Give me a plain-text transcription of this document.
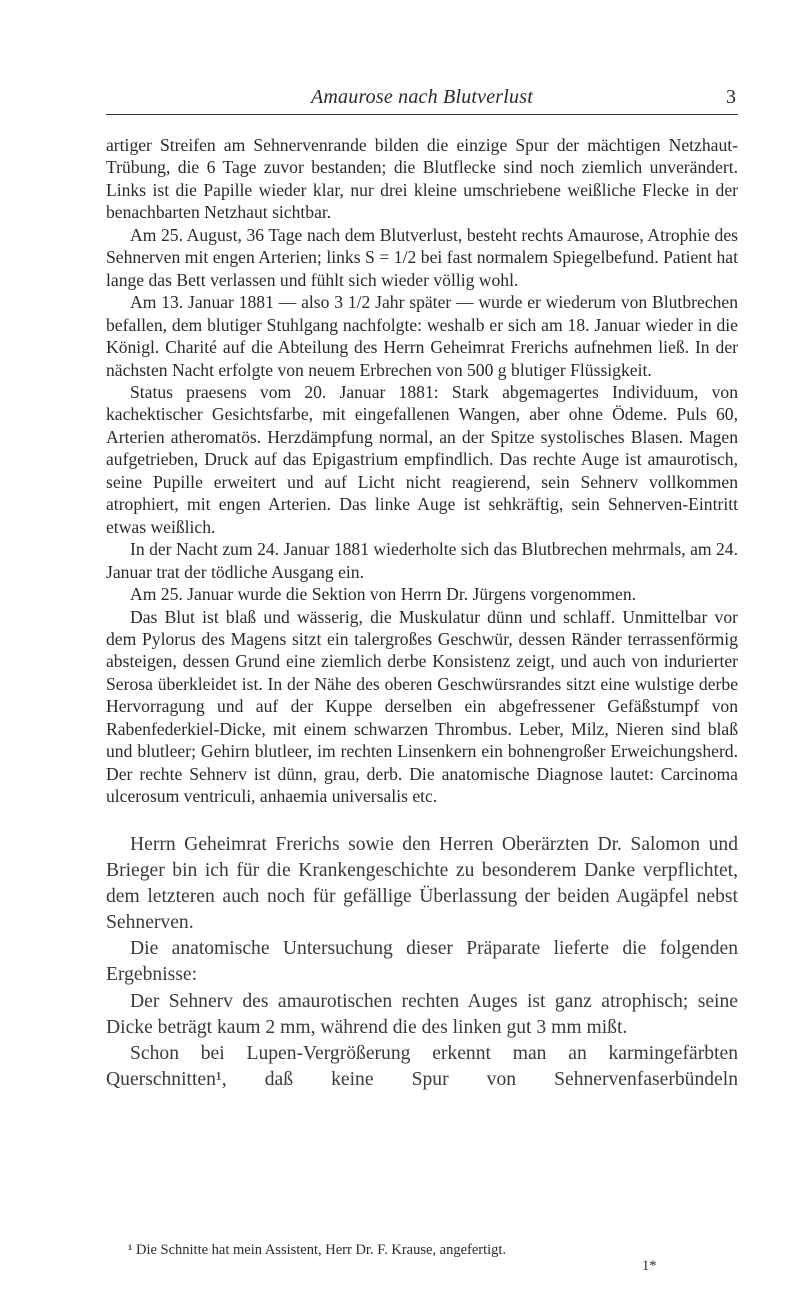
Amaurose nach Blutverlust	3

artiger Streifen am Sehnervenrande bilden die einzige Spur der mächtigen Netzhaut-Trübung, die 6 Tage zuvor bestanden; die Blutflecke sind noch ziemlich unverändert. Links ist die Papille wieder klar, nur drei kleine umschriebene weißliche Flecke in der benachbarten Netzhaut sichtbar.

Am 25. August, 36 Tage nach dem Blutverlust, besteht rechts Amaurose, Atrophie des Sehnerven mit engen Arterien; links S = 1/2 bei fast normalem Spiegelbefund. Patient hat lange das Bett verlassen und fühlt sich wieder völlig wohl.

Am 13. Januar 1881 — also 3 1/2 Jahr später — wurde er wiederum von Blutbrechen befallen, dem blutiger Stuhlgang nachfolgte: weshalb er sich am 18. Januar wieder in die Königl. Charité auf die Abteilung des Herrn Geheimrat Frerichs aufnehmen ließ. In der nächsten Nacht erfolgte von neuem Erbrechen von 500 g blutiger Flüssigkeit.

Status praesens vom 20. Januar 1881: Stark abgemagertes Individuum, von kachektischer Gesichtsfarbe, mit eingefallenen Wangen, aber ohne Ödeme. Puls 60, Arterien atheromatös. Herzdämpfung normal, an der Spitze systolisches Blasen. Magen aufgetrieben, Druck auf das Epigastrium empfindlich. Das rechte Auge ist amaurotisch, seine Pupille erweitert und auf Licht nicht reagierend, sein Sehnerv vollkommen atrophiert, mit engen Arterien. Das linke Auge ist sehkräftig, sein Sehnerven-Eintritt etwas weißlich.

In der Nacht zum 24. Januar 1881 wiederholte sich das Blutbrechen mehrmals, am 24. Januar trat der tödliche Ausgang ein.

Am 25. Januar wurde die Sektion von Herrn Dr. Jürgens vorgenommen.

Das Blut ist blaß und wässerig, die Muskulatur dünn und schlaff. Unmittelbar vor dem Pylorus des Magens sitzt ein talergroßes Geschwür, dessen Ränder terrassenförmig absteigen, dessen Grund eine ziemlich derbe Konsistenz zeigt, und auch von indurierter Serosa überkleidet ist. In der Nähe des oberen Geschwürsrandes sitzt eine wulstige derbe Hervorragung und auf der Kuppe derselben ein abgefressener Gefäßstumpf von Rabenfederkiel-Dicke, mit einem schwarzen Thrombus. Leber, Milz, Nieren sind blaß und blutleer; Gehirn blutleer, im rechten Linsenkern ein bohnengroßer Erweichungsherd. Der rechte Sehnerv ist dünn, grau, derb. Die anatomische Diagnose lautet: Carcinoma ulcerosum ventriculi, anhaemia universalis etc.

Herrn Geheimrat Frerichs sowie den Herren Oberärzten Dr. Salomon und Brieger bin ich für die Krankengeschichte zu besonderem Danke verpflichtet, dem letzteren auch noch für gefällige Überlassung der beiden Augäpfel nebst Sehnerven.

Die anatomische Untersuchung dieser Präparate lieferte die folgenden Ergebnisse:

Der Sehnerv des amaurotischen rechten Auges ist ganz atrophisch; seine Dicke beträgt kaum 2 mm, während die des linken gut 3 mm mißt.

Schon bei Lupen-Vergrößerung erkennt man an karmingefärbten Querschnitten¹, daß keine Spur von Sehnervenfaserbündeln

¹ Die Schnitte hat mein Assistent, Herr Dr. F. Krause, angefertigt.
1*
